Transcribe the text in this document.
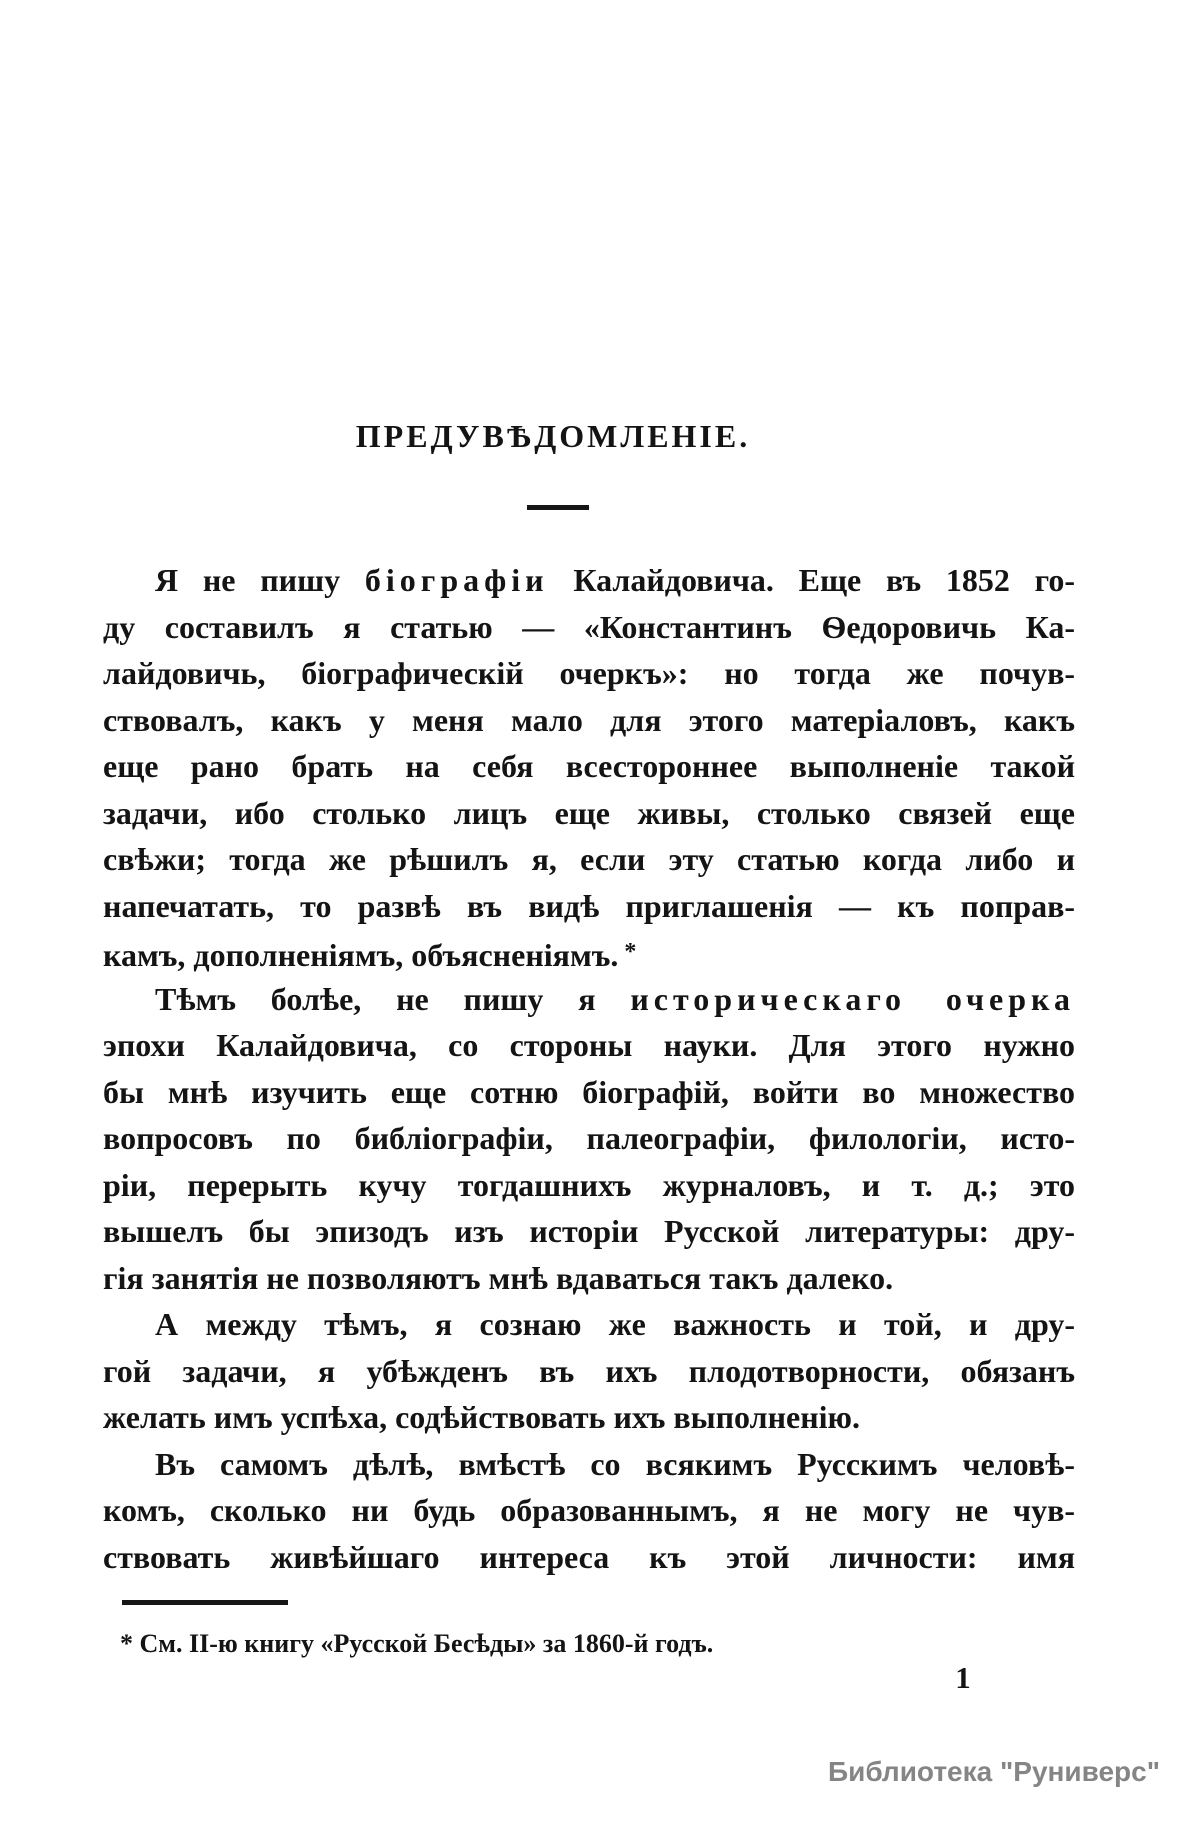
ПРЕДУВѢДОМЛЕНІЕ.
Я не пишу біографіи Калайдовича. Еще въ 1852 го-
ду составилъ я статью — «Константинъ Ѳедоровичь Ка-
лайдовичь, біографическій очеркъ»: но тогда же почув-
ствовалъ, какъ у меня мало для этого матеріаловъ, какъ
еще рано брать на себя всестороннее выполненіе такой
задачи, ибо столько лицъ еще живы, столько связей еще
свѣжи; тогда же рѣшилъ я, если эту статью когда либо и
напечатать, то развѣ въ видѣ приглашенія — къ поправ-
камъ, дополненіямъ, объясненіямъ. *
Тѣмъ болѣе, не пишу я историческаго очерка
эпохи Калайдовича, со стороны науки. Для этого нужно
бы мнѣ изучить еще сотню біографій, войти во множество
вопросовъ по библіографіи, палеографіи, филологіи, исто-
ріи, перерыть кучу тогдашнихъ журналовъ, и т. д.; это
вышелъ бы эпизодъ изъ исторіи Русской литературы: дру-
гія занятія не позволяютъ мнѣ вдаваться такъ далеко.
А между тѣмъ, я сознаю же важность и той, и дру-
гой задачи, я убѣжденъ въ ихъ плодотворности, обязанъ
желать имъ успѣха, содѣйствовать ихъ выполненію.
Въ самомъ дѣлѣ, вмѣстѣ со всякимъ Русскимъ человѣ-
комъ, сколько ни будь образованнымъ, я не могу не чув-
ствовать живѣйшаго интереса къ этой личности: имя
* См. ІІ-ю книгу «Русской Бесѣды» за 1860-й годъ.
1
Библиотека "Руниверс"
